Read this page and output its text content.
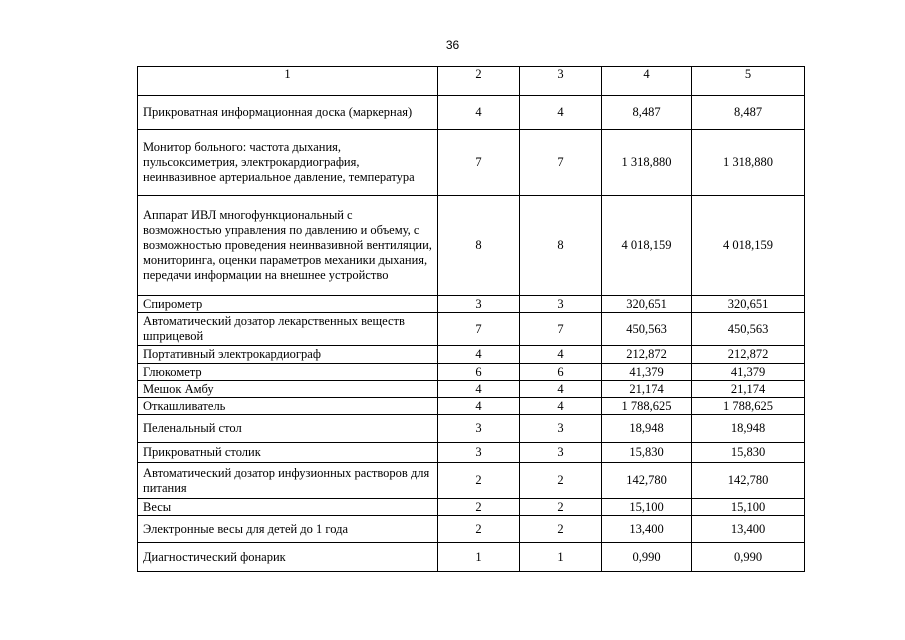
36
1	2	3	4	5
Прикроватная информационная доска (маркерная)	4	4	8,487	8,487
Монитор больного: частота дыхания, пульсоксиметрия, электрокардиография, неинвазивное артериальное давление, температура	7	7	1 318,880	1 318,880
Аппарат ИВЛ многофункциональный с возможностью управления по давлению и объему, с возможностью проведения неинвазивной вентиляции, мониторинга, оценки параметров механики дыхания, передачи информации на внешнее устройство	8	8	4 018,159	4 018,159
Спирометр	3	3	320,651	320,651
Автоматический дозатор лекарственных веществ шприцевой	7	7	450,563	450,563
Портативный электрокардиограф	4	4	212,872	212,872
Глюкометр	6	6	41,379	41,379
Мешок Амбу	4	4	21,174	21,174
Откашливатель	4	4	1 788,625	1 788,625
Пеленальный стол	3	3	18,948	18,948
Прикроватный столик	3	3	15,830	15,830
Автоматический дозатор инфузионных растворов для питания	2	2	142,780	142,780
Весы	2	2	15,100	15,100
Электронные весы для детей до 1 года	2	2	13,400	13,400
Диагностический фонарик	1	1	0,990	0,990
